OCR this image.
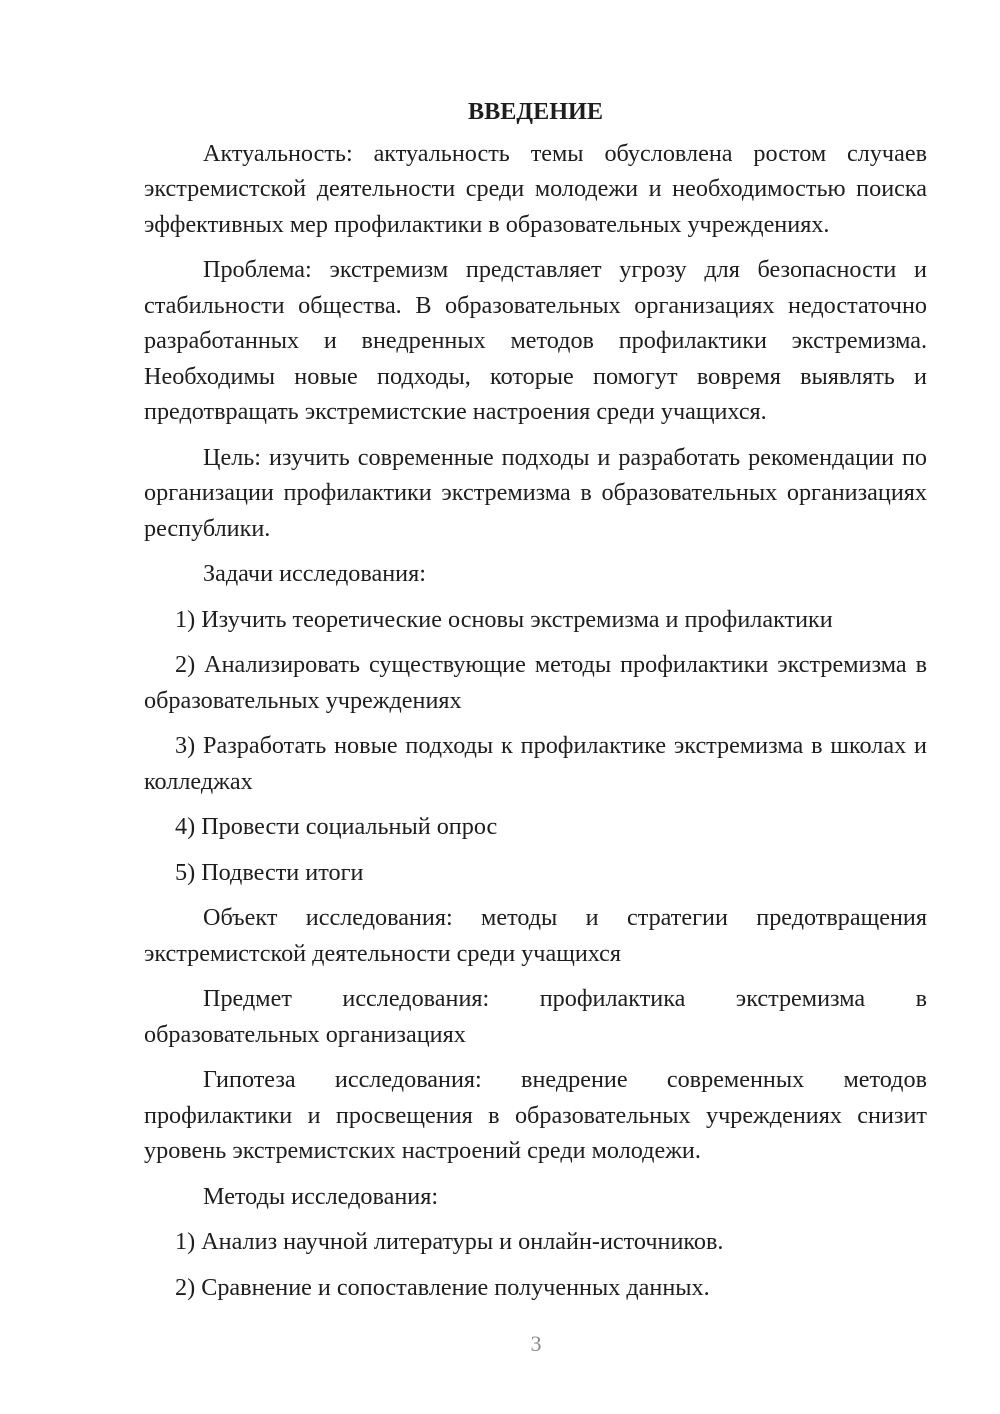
ВВЕДЕНИЕ

Актуальность: актуальность темы обусловлена ростом случаев экстремистской деятельности среди молодежи и необходимостью поиска эффективных мер профилактики в образовательных учреждениях.

Проблема: экстремизм представляет угрозу для безопасности и стабильности общества. В образовательных организациях недостаточно разработанных и внедренных методов профилактики экстремизма. Необходимы новые подходы, которые помогут вовремя выявлять и предотвращать экстремистские настроения среди учащихся.

Цель: изучить современные подходы и разработать рекомендации по организации профилактики экстремизма в образовательных организациях республики.

Задачи исследования:

1) Изучить теоретические основы экстремизма и профилактики

2) Анализировать существующие методы профилактики экстремизма в образовательных учреждениях

3) Разработать новые подходы к профилактике экстремизма в школах и колледжах

4) Провести социальный опрос

5) Подвести итоги

Объект исследования: методы и стратегии предотвращения экстремистской деятельности среди учащихся

Предмет исследования: профилактика экстремизма в образовательных организациях

Гипотеза исследования: внедрение современных методов профилактики и просвещения в образовательных учреждениях снизит уровень экстремистских настроений среди молодежи.

Методы исследования:

1) Анализ научной литературы и онлайн-источников.

2) Сравнение и сопоставление полученных данных.

3
